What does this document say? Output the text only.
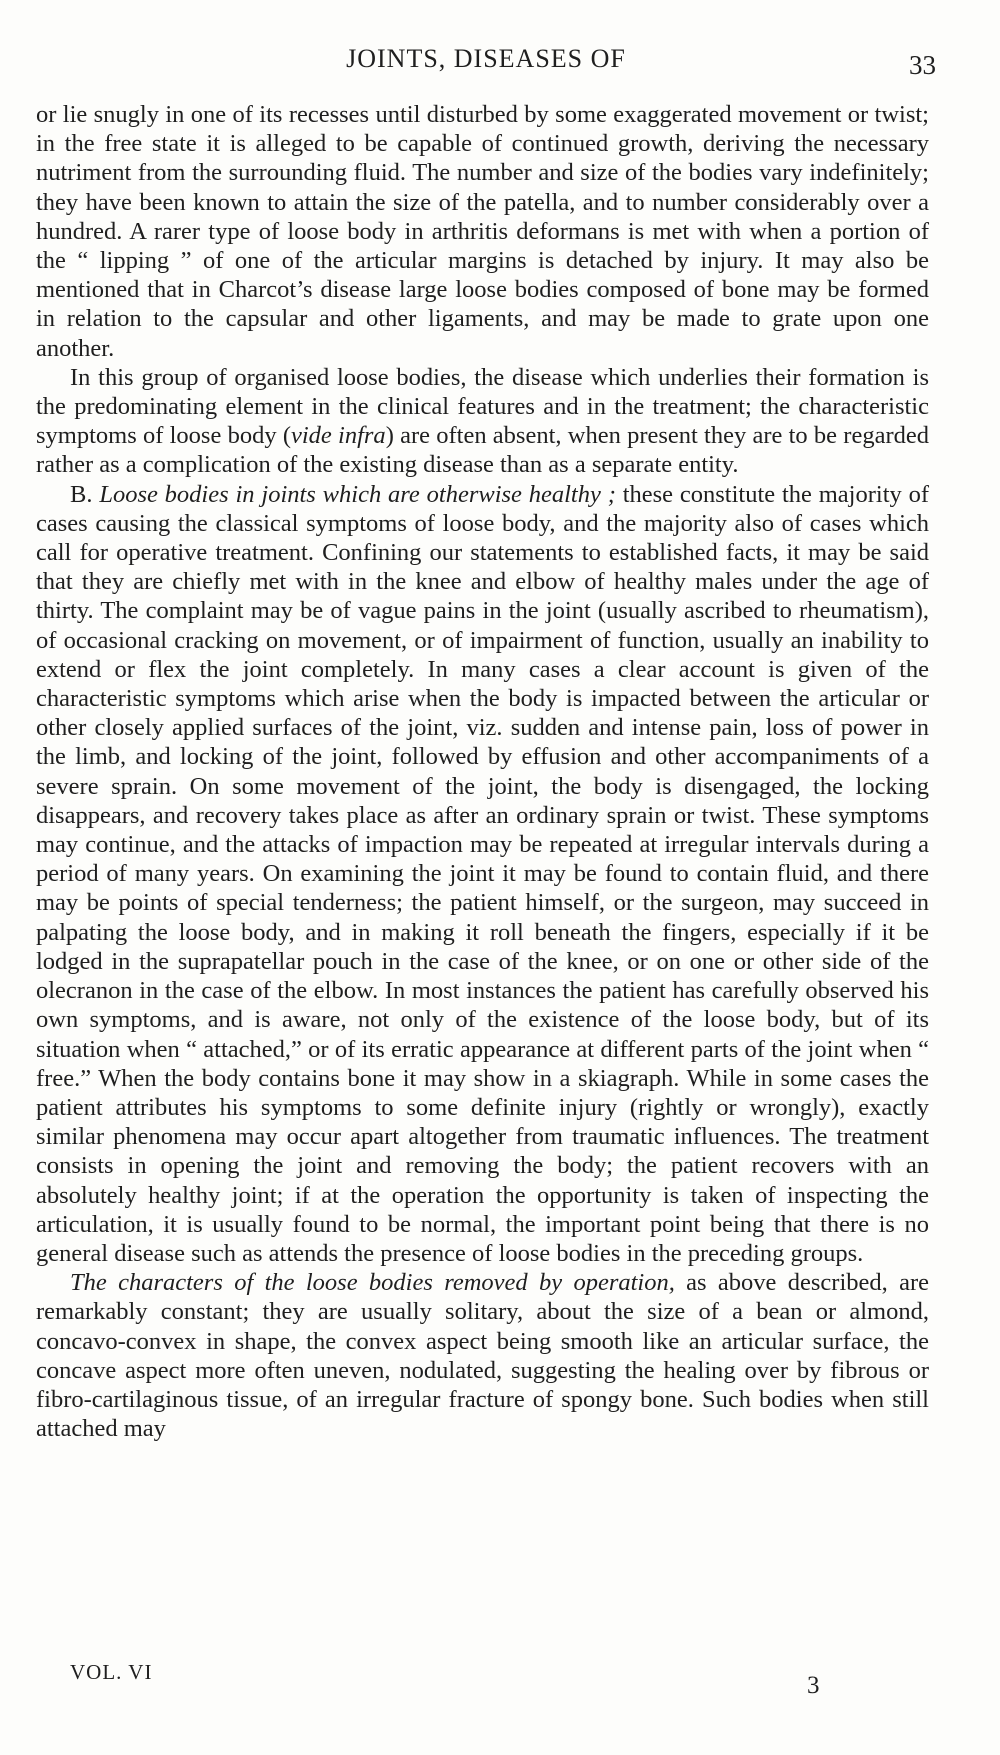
JOINTS, DISEASES OF	33

or lie snugly in one of its recesses until disturbed by some exaggerated movement or twist; in the free state it is alleged to be capable of continued growth, deriving the necessary nutriment from the surrounding fluid. The number and size of the bodies vary indefinitely; they have been known to attain the size of the patella, and to number considerably over a hundred. A rarer type of loose body in arthritis deformans is met with when a portion of the “ lipping ” of one of the articular margins is detached by injury. It may also be mentioned that in Charcot’s disease large loose bodies composed of bone may be formed in relation to the capsular and other ligaments, and may be made to grate upon one another.

In this group of organised loose bodies, the disease which underlies their formation is the predominating element in the clinical features and in the treatment; the characteristic symptoms of loose body (vide infra) are often absent, when present they are to be regarded rather as a complication of the existing disease than as a separate entity.

B. Loose bodies in joints which are otherwise healthy ; these constitute the majority of cases causing the classical symptoms of loose body, and the majority also of cases which call for operative treatment. Confining our statements to established facts, it may be said that they are chiefly met with in the knee and elbow of healthy males under the age of thirty. The complaint may be of vague pains in the joint (usually ascribed to rheumatism), of occasional cracking on movement, or of impairment of function, usually an inability to extend or flex the joint completely. In many cases a clear account is given of the characteristic symptoms which arise when the body is impacted between the articular or other closely applied surfaces of the joint, viz. sudden and intense pain, loss of power in the limb, and locking of the joint, followed by effusion and other accompaniments of a severe sprain. On some movement of the joint, the body is disengaged, the locking disappears, and recovery takes place as after an ordinary sprain or twist. These symptoms may continue, and the attacks of impaction may be repeated at irregular intervals during a period of many years. On examining the joint it may be found to contain fluid, and there may be points of special tenderness; the patient himself, or the surgeon, may succeed in palpating the loose body, and in making it roll beneath the fingers, especially if it be lodged in the suprapatellar pouch in the case of the knee, or on one or other side of the olecranon in the case of the elbow. In most instances the patient has carefully observed his own symptoms, and is aware, not only of the existence of the loose body, but of its situation when “ attached,” or of its erratic appearance at different parts of the joint when “ free.” When the body contains bone it may show in a skiagraph. While in some cases the patient attributes his symptoms to some definite injury (rightly or wrongly), exactly similar phenomena may occur apart altogether from traumatic influences. The treatment consists in opening the joint and removing the body; the patient recovers with an absolutely healthy joint; if at the operation the opportunity is taken of inspecting the articulation, it is usually found to be normal, the important point being that there is no general disease such as attends the presence of loose bodies in the preceding groups.

The characters of the loose bodies removed by operation, as above described, are remarkably constant; they are usually solitary, about the size of a bean or almond, concavo-convex in shape, the convex aspect being smooth like an articular surface, the concave aspect more often uneven, nodulated, suggesting the healing over by fibrous or fibro-cartilaginous tissue, of an irregular fracture of spongy bone. Such bodies when still attached may

VOL. VI	3
